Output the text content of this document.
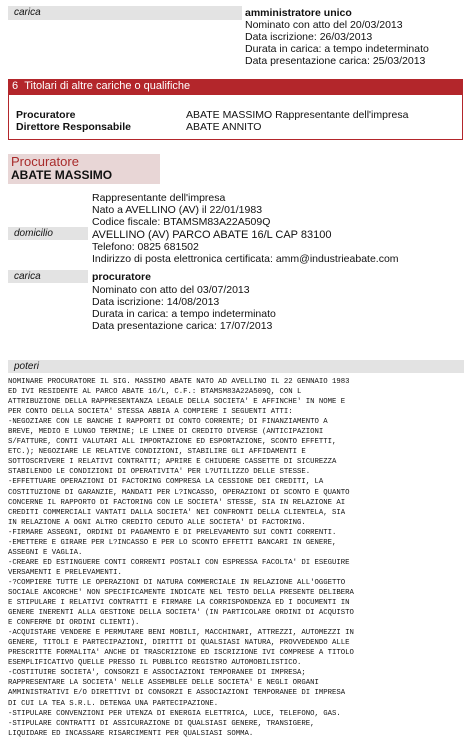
carica	amministratore unico
Nominato con atto del 20/03/2013
Data iscrizione: 26/03/2013
Durata in carica: a tempo indeterminato
Data presentazione carica: 25/03/2013
6 Titolari di altre cariche o qualifiche
Procuratore	ABATE MASSIMO Rappresentante dell'impresa
Direttore Responsabile	ABATE ANNITO
Procuratore
ABATE MASSIMO
Rappresentante dell'impresa
Nato a AVELLINO (AV) il 22/01/1983
Codice fiscale: BTAMSM83A22A509Q
domicilio	AVELLINO (AV) PARCO ABATE 16/L CAP 83100
Telefono: 0825 681502
Indirizzo di posta elettronica certificata: amm@industrieabate.com
carica	procuratore
Nominato con atto del 03/07/2013
Data iscrizione: 14/08/2013
Durata in carica: a tempo indeterminato
Data presentazione carica: 17/07/2013
poteri
NOMINARE PROCURATORE IL SIG. MASSIMO ABATE NATO AD AVELLINO IL 22 GENNAIO 1983
ED IVI RESIDENTE AL PARCO ABATE 16/L, C.F.: BTAMSM83A22A509Q, CON L
ATTRIBUZIONE DELLA RAPPRESENTANZA LEGALE DELLA SOCIETA' E AFFINCHE' IN NOME E
PER CONTO DELLA SOCIETA' STESSA ABBIA A COMPIERE I SEGUENTI ATTI:
-NEGOZIARE CON LE BANCHE I RAPPORTI DI CONTO CORRENTE; DI FINANZIAMENTO A
BREVE, MEDIO E LUNGO TERMINE; LE LINEE DI CREDITO DIVERSE (ANTICIPAZIONI
S/FATTURE, CONTI VALUTARI ALL IMPORTAZIONE ED ESPORTAZIONE, SCONTO EFFETTI,
ETC.); NEGOZIARE LE RELATIVE CONDIZIONI, STABILIRE GLI AFFIDAMENTI E
SOTTOSCRIVERE I RELATIVI CONTRATTI; APRIRE E CHIUDERE CASSETTE DI SICUREZZA
STABILENDO LE CONDIZIONI DI OPERATIVITA' PER L?UTILIZZO DELLE STESSE.
-EFFETTUARE OPERAZIONI DI FACTORING COMPRESA LA CESSIONE DEI CREDITI, LA
COSTITUZIONE DI GARANZIE, MANDATI PER L?INCASSO, OPERAZIONI DI SCONTO E QUANTO
CONCERNE IL RAPPORTO DI FACTORING CON LE SOCIETA' STESSE, SIA IN RELAZIONE AI
CREDITI COMMERCIALI VANTATI DALLA SOCIETA' NEI CONFRONTI DELLA CLIENTELA, SIA
IN RELAZIONE A OGNI ALTRO CREDITO CEDUTO ALLE SOCIETA' DI FACTORING.
-FIRMARE ASSEGNI, ORDINI DI PAGAMENTO E DI PRELEVAMENTO SUI CONTI CORRENTI.
-EMETTERE E GIRARE PER L?INCASSO E PER LO SCONTO EFFETTI BANCARI IN GENERE,
ASSEGNI E VAGLIA.
-CREARE ED ESTINGUERE CONTI CORRENTI POSTALI CON ESPRESSA FACOLTA' DI ESEGUIRE
VERSAMENTI E PRELEVAMENTI.
-?COMPIERE TUTTE LE OPERAZIONI DI NATURA COMMERCIALE IN RELAZIONE ALL'OGGETTO
SOCIALE ANCORCHE' NON SPECIFICAMENTE INDICATE NEL TESTO DELLA PRESENTE DELIBERA
E STIPULARE I RELATIVI CONTRATTI E FIRMARE LA CORRISPONDENZA ED I DOCUMENTI IN
GENERE INERENTI ALLA GESTIONE DELLA SOCIETA' (IN PARTICOLARE ORDINI DI ACQUISTO
E CONFERME DI ORDINI CLIENTI).
-ACQUISTARE VENDERE E PERMUTARE BENI MOBILI, MACCHINARI, ATTREZZI, AUTOMEZZI IN
GENERE, TITOLI E PARTECIPAZIONI, DIRITTI DI QUALSIASI NATURA, PROVVEDENDO ALLE
PRESCRITTE FORMALITA' ANCHE DI TRASCRIZIONE ED ISCRIZIONE IVI COMPRESE A TITOLO
ESEMPLIFICATIVO QUELLE PRESSO IL PUBBLICO REGISTRO AUTOMOBILISTICO.
-COSTITUIRE SOCIETA', CONSORZI E ASSOCIAZIONI TEMPORANEE DI IMPRESA;
RAPPRESENTARE LA SOCIETA' NELLE ASSEMBLEE DELLE SOCIETA' E NEGLI ORGANI
AMMINISTRATIVI E/O DIRETTIVI DI CONSORZI E ASSOCIAZIONI TEMPORANEE DI IMPRESA
DI CUI LA TEA S.R.L. DETENGA UNA PARTECIPAZIONE.
-STIPULARE CONVENZIONI PER UTENZA DI ENERGIA ELETTRICA, LUCE, TELEFONO, GAS.
-STIPULARE CONTRATTI DI ASSICURAZIONE DI QUALSIASI GENERE, TRANSIGERE,
LIQUIDARE ED INCASSARE RISARCIMENTI PER QUALSIASI SOMMA.
